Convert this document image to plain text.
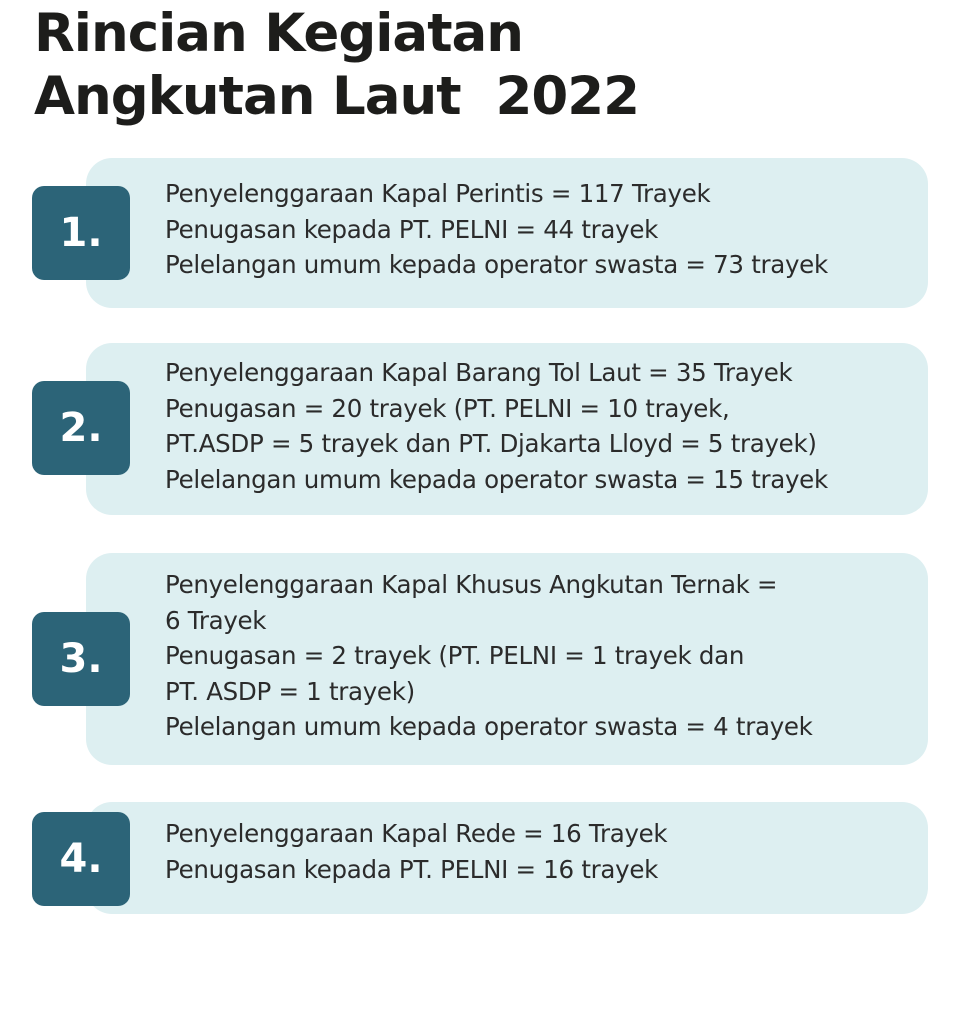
Rincian Kegiatan
Angkutan Laut  2022
1.
Penyelenggaraan Kapal Perintis = 117 Trayek
Penugasan kepada PT. PELNI = 44 trayek
Pelelangan umum kepada operator swasta = 73 trayek
2.
Penyelenggaraan Kapal Barang Tol Laut = 35 Trayek
Penugasan = 20 trayek (PT. PELNI = 10 trayek,
PT.ASDP = 5 trayek dan PT. Djakarta Lloyd = 5 trayek)
Pelelangan umum kepada operator swasta = 15 trayek
3.
Penyelenggaraan Kapal Khusus Angkutan Ternak =
6 Trayek
Penugasan = 2 trayek (PT. PELNI = 1 trayek dan
PT. ASDP = 1 trayek)
Pelelangan umum kepada operator swasta = 4 trayek
4.
Penyelenggaraan Kapal Rede = 16 Trayek
Penugasan kepada PT. PELNI = 16 trayek
